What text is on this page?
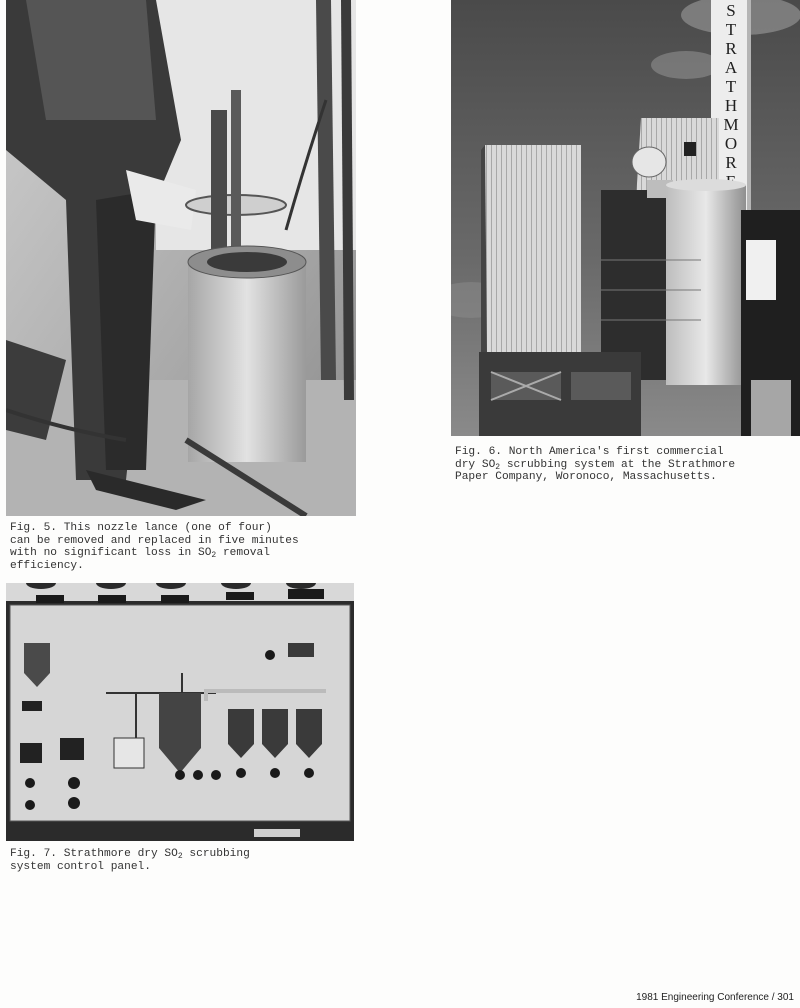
Fig. 5. This nozzle lance (one of four)
can be removed and replaced in five minutes
with no significant loss in $SO_2$ removal
efficiency.

Fig. 7. Strathmore dry $SO_2$ scrubbing
system control panel.

S
T
R
A
T
H
M
O
R

Fig. 6. North America's first commercial
dry $SO_2$ scrubbing system at the Strathmore
Paper Company, Woronoco, Massachusetts.

1981 Engineering Conference / 301
